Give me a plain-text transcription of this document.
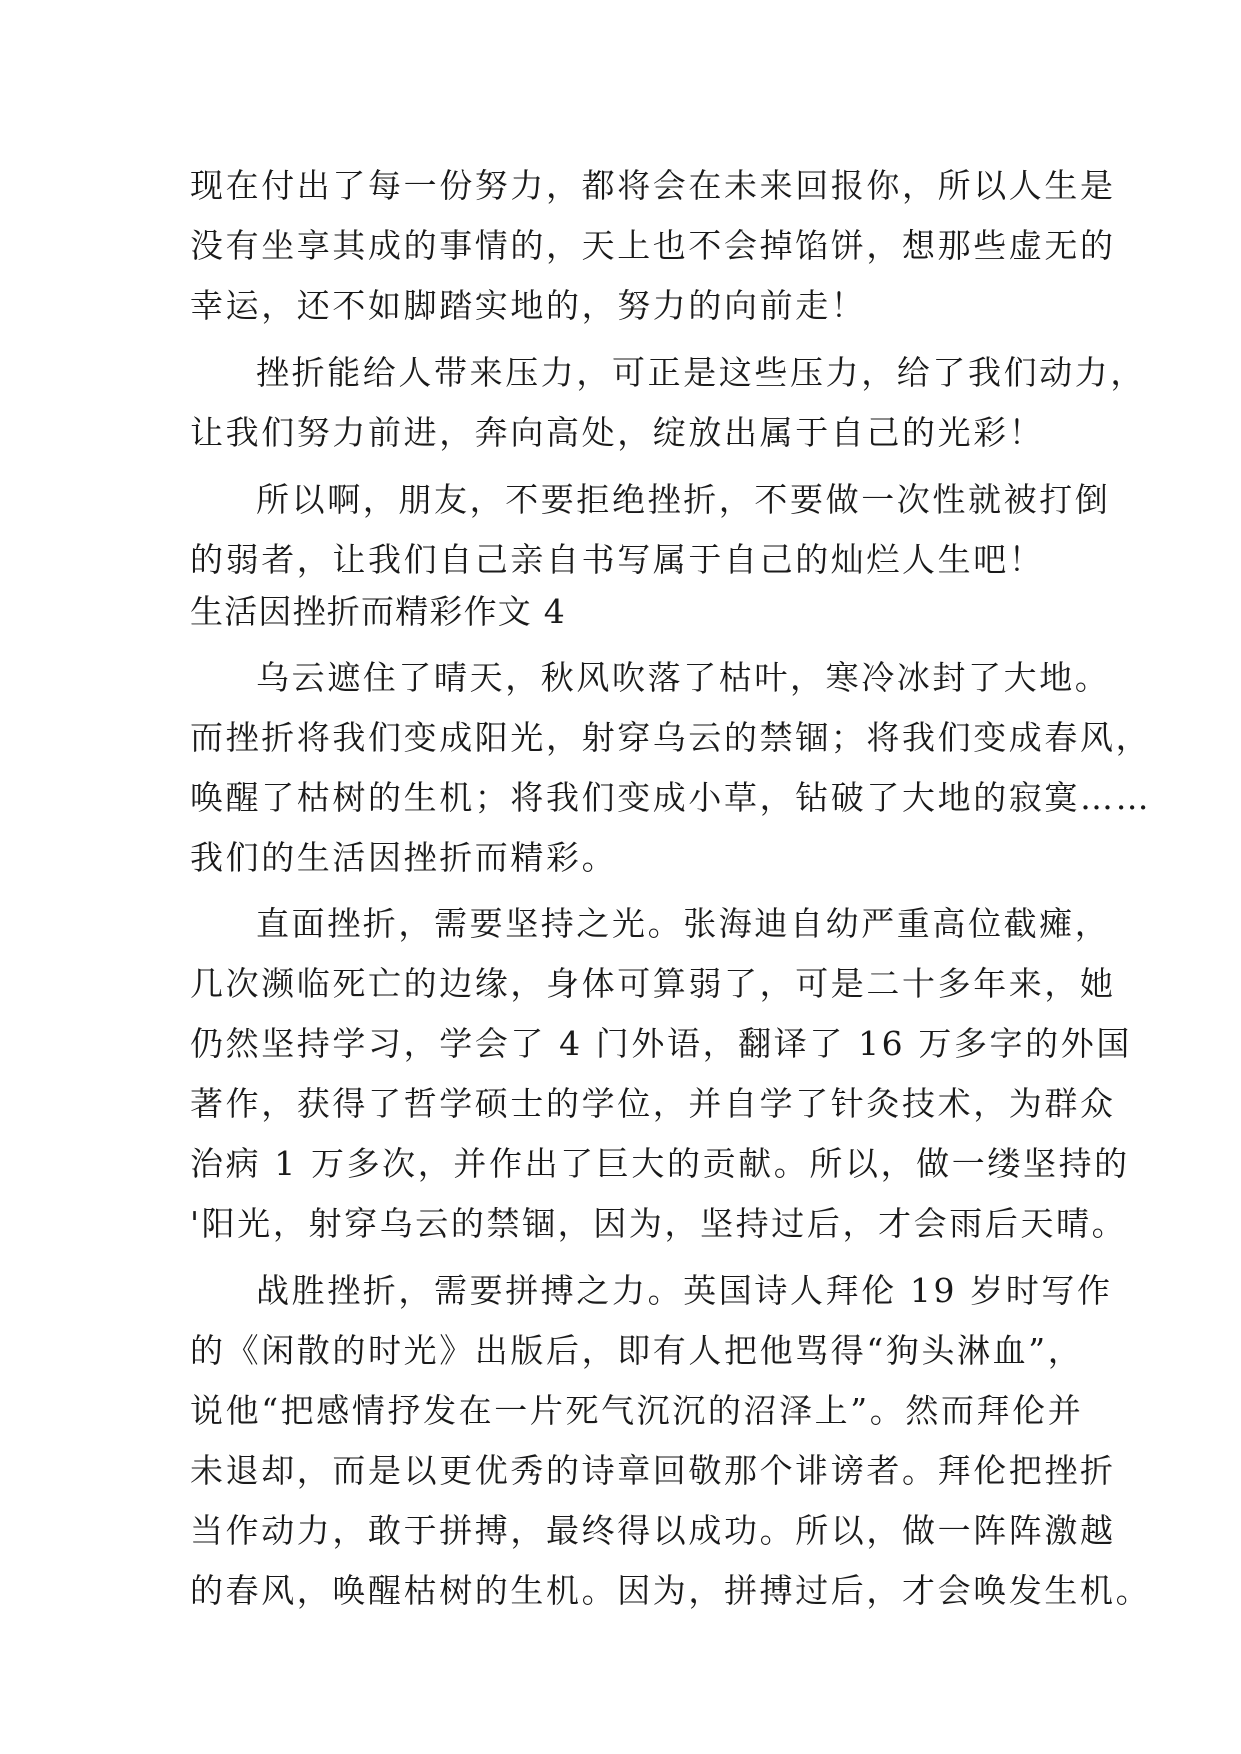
现在付出了每一份努力，都将会在未来回报你，所以人生是
没有坐享其成的事情的，天上也不会掉馅饼，想那些虚无的
幸运，还不如脚踏实地的，努力的向前走！
挫折能给人带来压力，可正是这些压力，给了我们动力，
让我们努力前进，奔向高处，绽放出属于自己的光彩！
所以啊，朋友，不要拒绝挫折，不要做一次性就被打倒
的弱者，让我们自己亲自书写属于自己的灿烂人生吧！
生活因挫折而精彩作文 4
乌云遮住了晴天，秋风吹落了枯叶，寒冷冰封了大地。
而挫折将我们变成阳光，射穿乌云的禁锢；将我们变成春风，
唤醒了枯树的生机；将我们变成小草，钻破了大地的寂寞……
我们的生活因挫折而精彩。
直面挫折，需要坚持之光。张海迪自幼严重高位截瘫，
几次濒临死亡的边缘，身体可算弱了，可是二十多年来，她
仍然坚持学习，学会了 4 门外语，翻译了 16 万多字的外国
著作，获得了哲学硕士的学位，并自学了针灸技术，为群众
治病 1 万多次，并作出了巨大的贡献。所以，做一缕坚持的
'阳光，射穿乌云的禁锢，因为，坚持过后，才会雨后天晴。
战胜挫折，需要拼搏之力。英国诗人拜伦 19 岁时写作
的《闲散的时光》出版后，即有人把他骂得“狗头淋血”，
说他“把感情抒发在一片死气沉沉的沼泽上”。然而拜伦并
未退却，而是以更优秀的诗章回敬那个诽谤者。拜伦把挫折
当作动力，敢于拼搏，最终得以成功。所以，做一阵阵激越
的春风，唤醒枯树的生机。因为，拼搏过后，才会唤发生机。
